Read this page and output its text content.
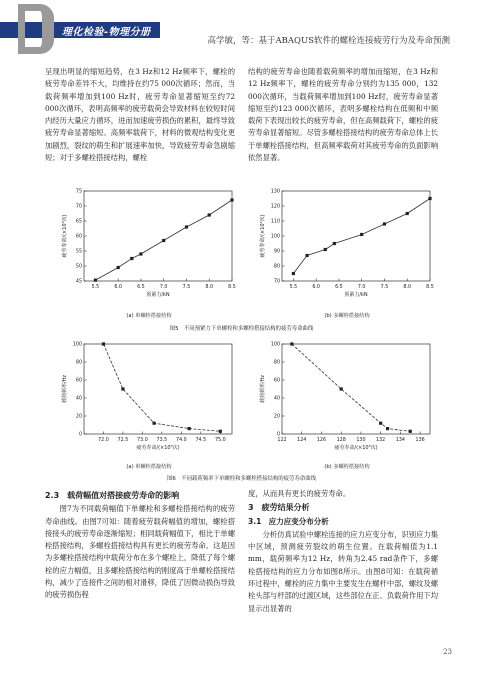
理化检验-物理分册
高学敏，等：基于ABAQUS软件的螺栓连接疲劳行为及寿命预测

呈现出明显的缩短趋势，在3 Hz和12 Hz频率下，螺栓的疲劳寿命差异不大，均维持在约75 000次循环；然而，当载荷频率增加到100 Hz时，疲劳寿命显著缩短至约72 000次循环，表明高频率的疲劳载荷会导致材料在较短时间内经历大量应力循环，进而加速疲劳损伤的累积，最终导致疲劳寿命显著缩短。高频率载荷下，材料的微观结构变化更加剧烈，裂纹的萌生和扩展速率加快，导致疲劳寿命急剧缩短；对于多螺栓搭接结构，螺栓

结构的疲劳寿命也随着载荷频率的增加而缩短，在3 Hz和12 Hz频率下，螺栓的疲劳寿命分别约为135 000，132 000次循环，当载荷频率增加到100 Hz时，疲劳寿命显著缩短至约123 000次循环，表明多螺栓结构在低频和中频载荷下表现出较长的疲劳寿命，但在高频载荷下，螺栓的疲劳寿命显著缩短。尽管多螺栓搭接结构的疲劳寿命总体上长于单螺栓搭接结构，但高频率载荷对其疲劳寿命的负面影响依然显著。

5.5	6.0	6.5	7.0	7.5	8.0	8.5
45
50
55
60
65
70
75
预紧力/kN
疲劳寿命/(×10³次)
5.5	6.0	6.5	7.0	7.5	8.0	8.5
70
80
90
100
110
120
130
预紧力/kN
疲劳寿命/(×10³次)
(a) 单螺栓搭接结构	(b) 多螺栓搭接结构
图5　不同预紧力下单螺栓和多螺栓搭接结构的疲劳寿命曲线
72.0 72.5 73.0 73.5 74.0 74.5 75.0
0
20
40
60
80
100
疲劳寿命/(×10³次)
载荷频率/Hz
122 124 126 128 130 132 134 136
0
20
40
60
80
100
疲劳寿命/(×10³次)
载荷频率/Hz
(a) 单螺栓搭接结构	(b) 多螺栓搭接结构
图6　不同载荷频率下单螺栓和多螺栓搭接结构的疲劳寿命曲线
2.3　载荷幅值对搭接疲劳寿命的影响

图7为不同载荷幅值下单螺栓和多螺栓搭接结构的疲劳寿命曲线。由图7可知：随着疲劳载荷幅值的增加，螺栓搭接接头的疲劳寿命逐渐缩短；相同载荷幅值下，相比于单螺栓搭接结构，多螺栓搭接结构具有更长的疲劳寿命。这是因为多螺栓搭接结构中载荷分布在多个螺栓上，降低了每个螺栓的应力幅值，且多螺栓搭接结构的刚度高于单螺栓搭接结构，减少了连接件之间的相对滑移，降低了因微动损伤导致的疲劳损伤程

度，从而具有更长的疲劳寿命。

3　疲劳结果分析
3.1　应力应变分布分析

分析仿真试验中螺栓连接的应力应变分布，识别应力集中区域，预测疲劳裂纹的萌生位置。在载荷幅值为1.1 mm，载荷频率为12 Hz，转角为2.45 rad条件下，多螺栓搭接结构的应力分布如图8所示。由图8可知：在载荷循环过程中，螺栓的应力集中主要发生在螺杆中部，螺纹及螺栓头部与杆部的过渡区域，这些部位在正、负载荷作用下均显示出显著的

23
